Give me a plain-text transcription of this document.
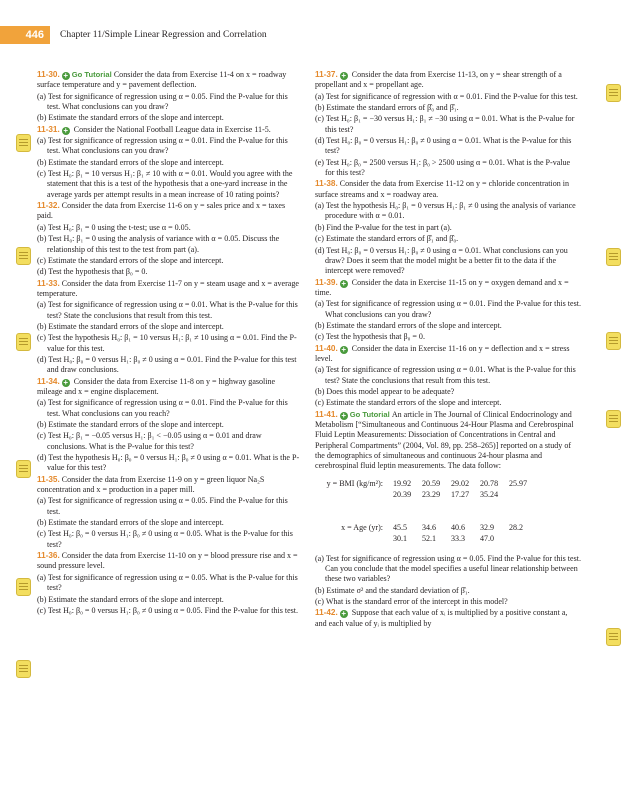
446	Chapter 11/Simple Linear Regression and Correlation
11-30. + Go Tutorial Consider the data from Exercise 11-4 on x = roadway surface temperature and y = pavement deflection.
(a) Test for significance of regression using α = 0.05. Find the P-value for this test. What conclusions can you draw?
(b) Estimate the standard errors of the slope and intercept.
11-31. + Consider the National Football League data in Exercise 11-5.
(a) Test for significance of regression using α = 0.01. Find the P-value for this test. What conclusions can you draw?
(b) Estimate the standard errors of the slope and intercept.
(c) Test H₀: β₁ = 10 versus H₁: β₁ ≠ 10 with α = 0.01. Would you agree with the statement that this is a test of the hypothesis that a one-yard increase in the average yards per attempt results in a mean increase of 10 rating points?
11-32. Consider the data from Exercise 11-6 on y = sales price and x = taxes paid.
(a) Test H₀: β₁ = 0 using the t-test; use α = 0.05.
(b) Test H₀: β₁ = 0 using the analysis of variance with α = 0.05. Discuss the relationship of this test to the test from part (a).
(c) Estimate the standard errors of the slope and intercept.
(d) Test the hypothesis that β₀ = 0.
11-33. Consider the data from Exercise 11-7 on y = steam usage and x = average temperature.
(a) Test for significance of regression using α = 0.01. What is the P-value for this test? State the conclusions that result from this test.
(b) Estimate the standard errors of the slope and intercept.
(c) Test the hypothesis H₀: β₁ = 10 versus H₁: β₁ ≠ 10 using α = 0.01. Find the P-value for this test.
(d) Test H₀: β₀ = 0 versus H₁: β₀ ≠ 0 using α = 0.01. Find the P-value for this test and draw conclusions.
11-34. + Consider the data from Exercise 11-8 on y = highway gasoline mileage and x = engine displacement.
(a) Test for significance of regression using α = 0.01. Find the P-value for this test. What conclusions can you reach?
(b) Estimate the standard errors of the slope and intercept.
(c) Test H₀: β₁ = −0.05 versus H₁: β₁ < −0.05 using α = 0.01 and draw conclusions. What is the P-value for this test?
(d) Test the hypothesis H₀: β₀ = 0 versus H₁: β₀ ≠ 0 using α = 0.01. What is the P-value for this test?
11-35. Consider the data from Exercise 11-9 on y = green liquor Na₂S concentration and x = production in a paper mill.
(a) Test for significance of regression using α = 0.05. Find the P-value for this test.
(b) Estimate the standard errors of the slope and intercept.
(c) Test H₀: β₀ = 0 versus H₁: β₀ ≠ 0 using α = 0.05. What is the P-value for this test?
11-36. Consider the data from Exercise 11-10 on y = blood pressure rise and x = sound pressure level.
(a) Test for significance of regression using α = 0.05. What is the P-value for this test?
(b) Estimate the standard errors of the slope and intercept.
(c) Test H₀: β₀ = 0 versus H₁: β₀ ≠ 0 using α = 0.05. Find the P-value for this test.
11-37. + Consider the data from Exercise 11-13, on y = shear strength of a propellant and x = propellant age.
(a) Test for significance of regression with α = 0.01. Find the P-value for this test.
(b) Estimate the standard errors of β̂₀ and β̂₁.
(c) Test H₀: β₁ = −30 versus H₁: β₁ ≠ −30 using α = 0.01. What is the P-value for this test?
(d) Test H₀: β₀ = 0 versus H₁: β₀ ≠ 0 using α = 0.01. What is the P-value for this test?
(e) Test H₀: β₀ = 2500 versus H₁: β₀ > 2500 using α = 0.01. What is the P-value for this test?
11-38. Consider the data from Exercise 11-12 on y = chloride concentration in surface streams and x = roadway area.
(a) Test the hypothesis H₀: β₁ = 0 versus H₁: β₁ ≠ 0 using the analysis of variance procedure with α = 0.01.
(b) Find the P-value for the test in part (a).
(c) Estimate the standard errors of β̂₁ and β̂₀.
(d) Test H₀: β₀ = 0 versus H₁: β₀ ≠ 0 using α = 0.01. What conclusions can you draw? Does it seem that the model might be a better fit to the data if the intercept were removed?
11-39. + Consider the data in Exercise 11-15 on y = oxygen demand and x = time.
(a) Test for significance of regression using α = 0.01. Find the P-value for this test. What conclusions can you draw?
(b) Estimate the standard errors of the slope and intercept.
(c) Test the hypothesis that β₀ = 0.
11-40. + Consider the data in Exercise 11-16 on y = deflection and x = stress level.
(a) Test for significance of regression using α = 0.01. What is the P-value for this test? State the conclusions that result from this test.
(b) Does this model appear to be adequate?
(c) Estimate the standard errors of the slope and intercept.
11-41. + Go Tutorial An article in The Journal of Clinical Endocrinology and Metabolism [“Simultaneous and Continuous 24-Hour Plasma and Cerebrospinal Fluid Leptin Measurements: Dissociation of Concentrations in Central and Peripheral Compartments” (2004, Vol. 89, pp. 258–265)] reported on a study of the demographics of simultaneous and continuous 24-hour plasma and cerebrospinal fluid leptin measurements. The data follow:
y = BMI (kg/m²):	19.92 20.59 29.02 20.78 25.97
20.39 23.29 17.27 35.24
x = Age (yr):	45.5 34.6 40.6 32.9 28.2
30.1 52.1 33.3 47.0
(a) Test for significance of regression using α = 0.05. Find the P-value for this test. Can you conclude that the model specifies a useful linear relationship between these two variables?
(b) Estimate σ² and the standard deviation of β̂₁.
(c) What is the standard error of the intercept in this model?
11-42. + Suppose that each value of xᵢ is multiplied by a positive constant a, and each value of yᵢ is multiplied by
